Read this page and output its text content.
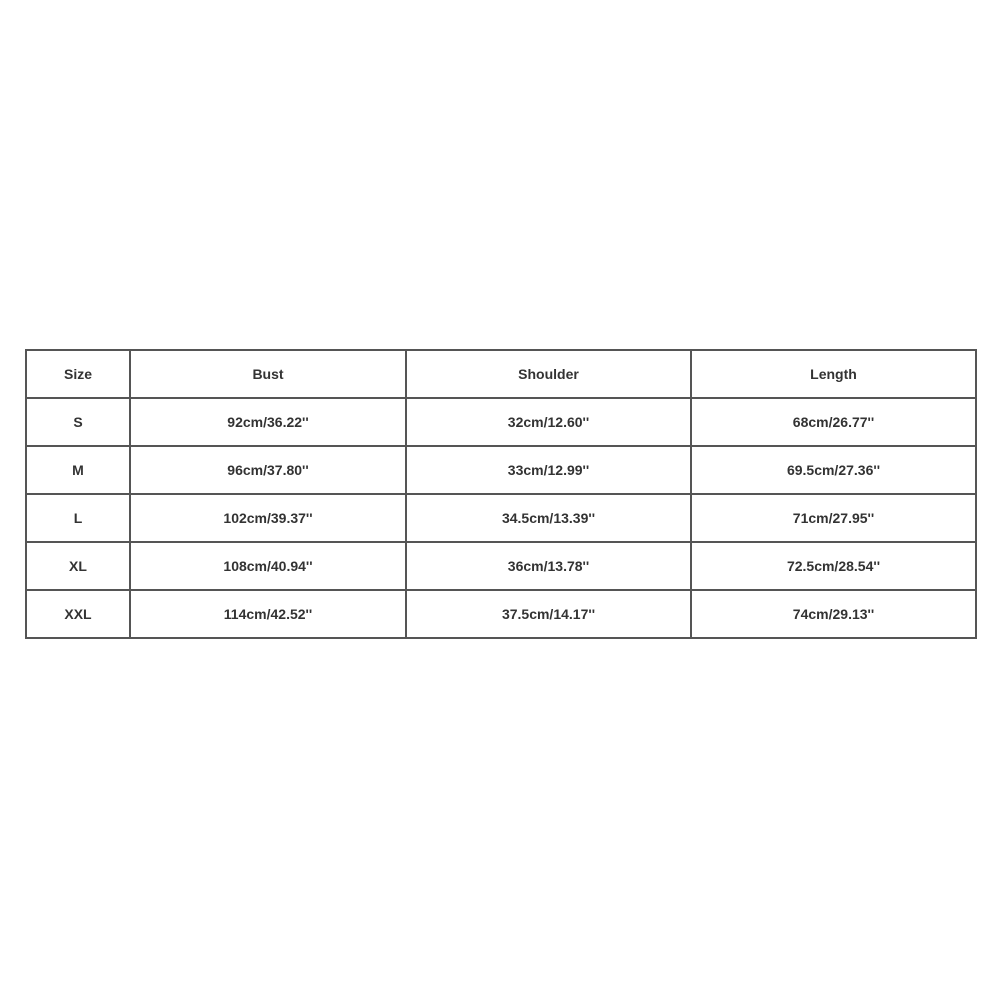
Size	Bust	Shoulder	Length
S	92cm/36.22''	32cm/12.60''	68cm/26.77''
M	96cm/37.80''	33cm/12.99''	69.5cm/27.36''
L	102cm/39.37''	34.5cm/13.39''	71cm/27.95''
XL	108cm/40.94''	36cm/13.78''	72.5cm/28.54''
XXL	114cm/42.52''	37.5cm/14.17''	74cm/29.13''
